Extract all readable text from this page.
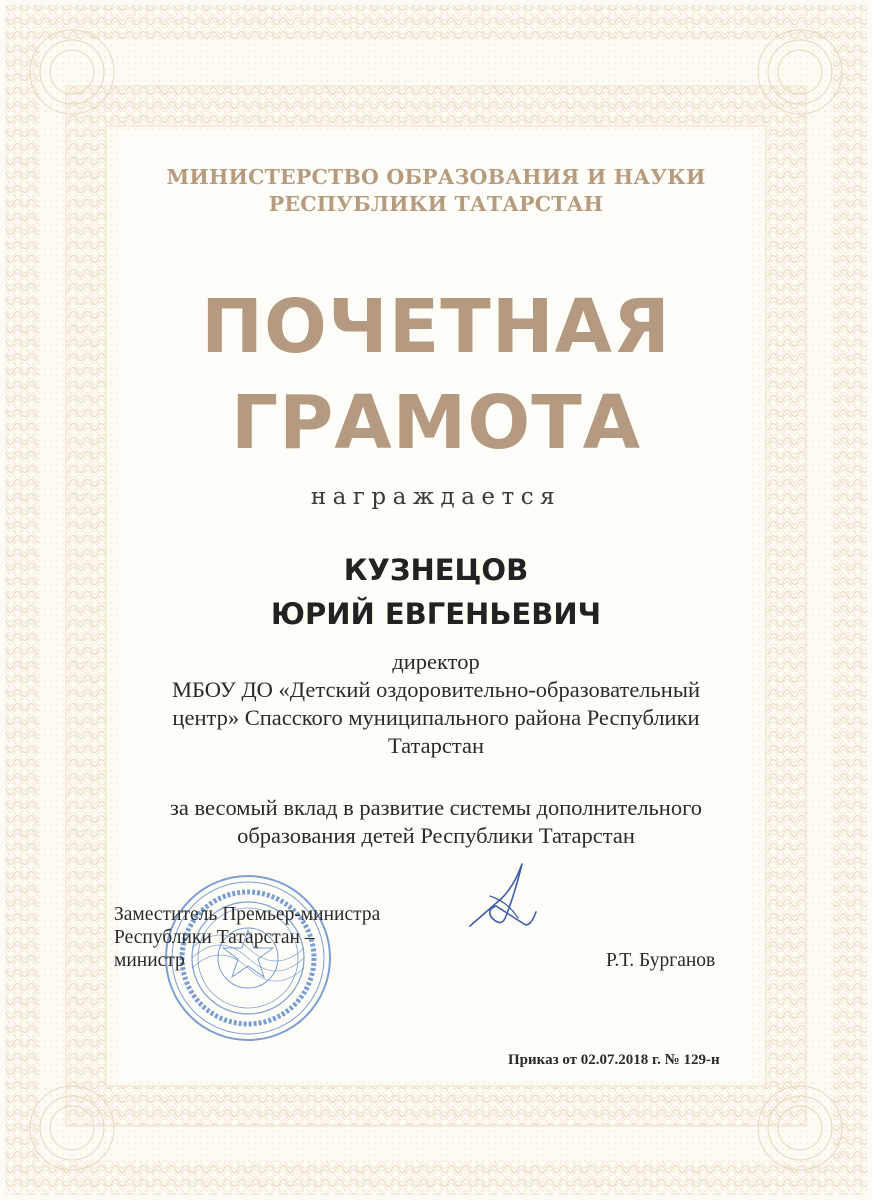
МИНИСТЕРСТВО ОБРАЗОВАНИЯ И НАУКИ
РЕСПУБЛИКИ ТАТАРСТАН
ПОЧЕТНАЯ
ГРАМОТА
награждается
КУЗНЕЦОВ
ЮРИЙ ЕВГЕНЬЕВИЧ
директор
МБОУ ДО «Детский оздоровительно-образовательный
центр» Спасского муниципального района Республики
Татарстан
за весомый вклад в развитие системы дополнительного
образования детей Республики Татарстан
Заместитель Премьер-министра
Республики Татарстан –
министр	Р.Т. Бурганов
Приказ от 02.07.2018 г. № 129-н
